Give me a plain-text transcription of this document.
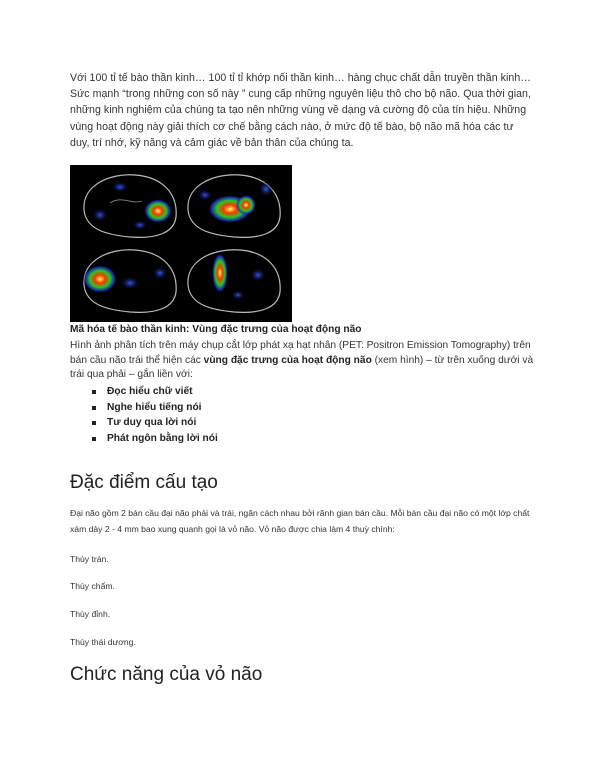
Với 100 tỉ tế bào thần kinh… 100 tỉ tỉ khớp nối thần kinh… hàng chục chất dẫn truyền thần kinh… Sức mạnh “trong những con số này ” cung cấp những nguyên liệu thô cho bộ não. Qua thời gian, những kinh nghiệm của chúng ta tạo nên những vùng về dạng và cường độ của tín hiệu. Những vùng hoạt động này giải thích cơ chế bằng cách nào, ở mức độ tế bào, bộ não mã hóa các tư duy, trí nhớ, kỹ năng và cảm giác về bản thân của chúng ta.

Mã hóa tế bào thần kinh: Vùng đặc trưng của hoạt động não

Hình ảnh phân tích trên máy chụp cắt lớp phát xạ hạt nhân (PET: Positron Emission Tomography) trên bán cầu não trái thể hiện các vùng đặc trưng của hoạt động não (xem hình) – từ trên xuống dưới và trái qua phải – gắn liền với:

Đọc hiểu chữ viết
Nghe hiểu tiếng nói
Tư duy qua lời nói
Phát ngôn bằng lời nói
Đặc điểm cấu tạo

Đại não gồm 2 bán cầu đại não phải và trái, ngăn cách nhau bởi rãnh gian bán cầu. Mỗi bán cầu đại não có một lớp chất xám dày 2 - 4 mm bao xung quanh gọi là vỏ não. Vỏ não được chia làm 4 thuỳ chính:

Thùy trán.

Thùy chẩm.

Thùy đỉnh.

Thùy thái dương.

Chức năng của vỏ não
